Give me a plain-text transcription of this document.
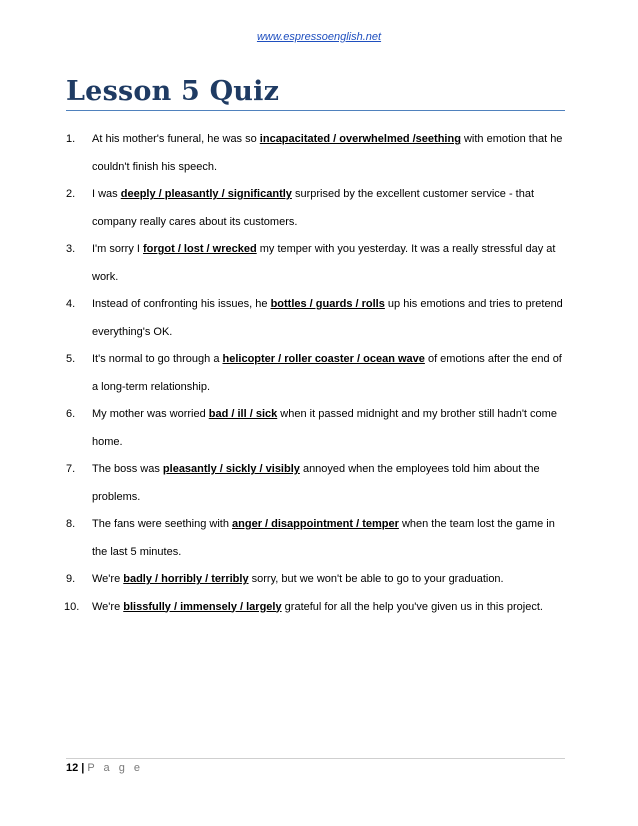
www.espressoenglish.net
Lesson 5 Quiz
1. At his mother's funeral, he was so incapacitated / overwhelmed /seething with emotion that he couldn't finish his speech.
2. I was deeply / pleasantly / significantly surprised by the excellent customer service - that company really cares about its customers.
3. I'm sorry I forgot / lost / wrecked my temper with you yesterday. It was a really stressful day at work.
4. Instead of confronting his issues, he bottles / guards / rolls up his emotions and tries to pretend everything's OK.
5. It's normal to go through a helicopter / roller coaster / ocean wave of emotions after the end of a long-term relationship.
6. My mother was worried bad / ill / sick when it passed midnight and my brother still hadn't come home.
7. The boss was pleasantly / sickly / visibly annoyed when the employees told him about the problems.
8. The fans were seething with anger / disappointment / temper when the team lost the game in the last 5 minutes.
9. We're badly / horribly / terribly sorry, but we won't be able to go to your graduation.
10. We're blissfully / immensely / largely grateful for all the help you've given us in this project.
12 | P a g e
